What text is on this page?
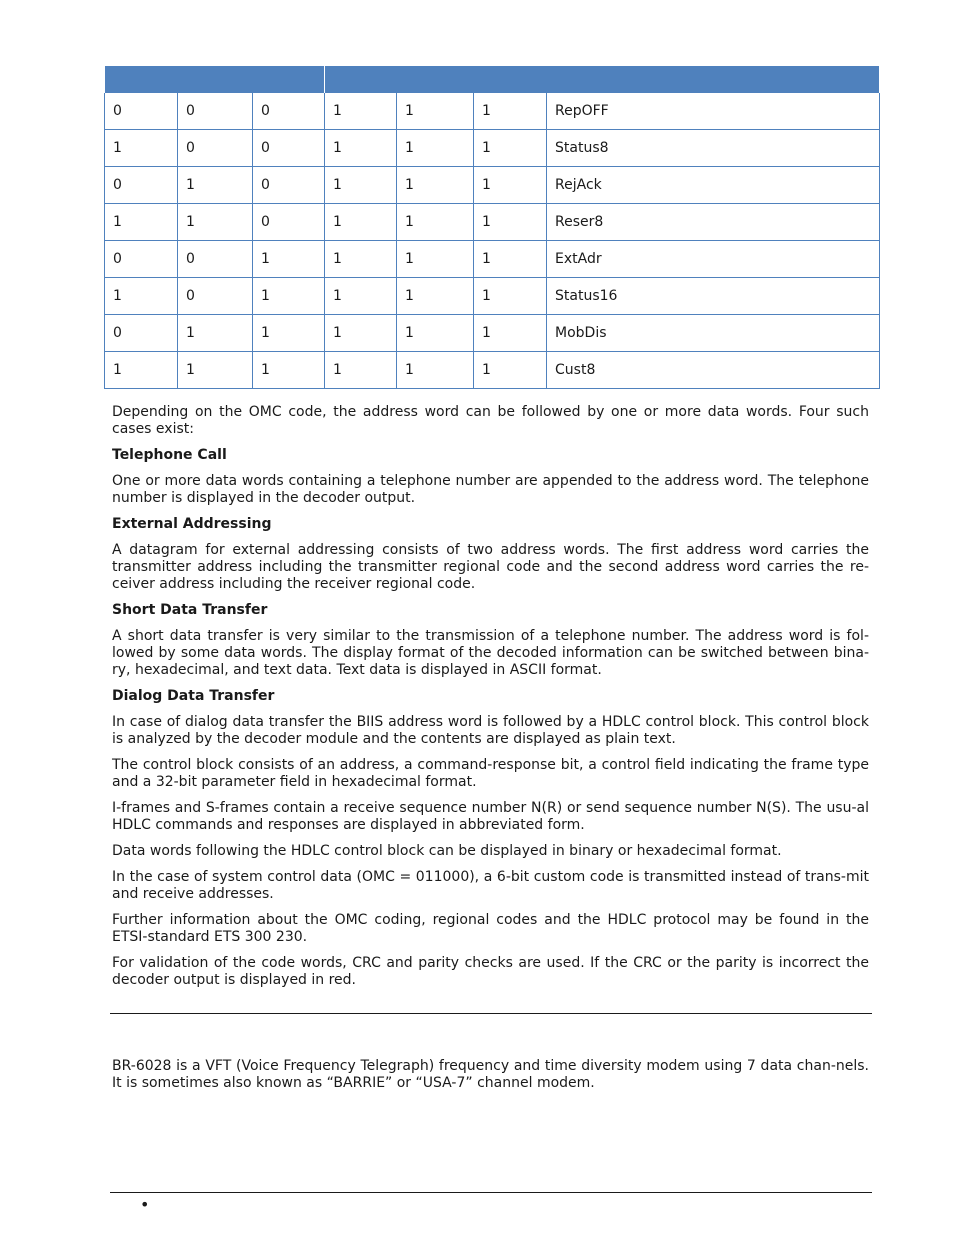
0	0	0	1	1	1	RepOFF
1	0	0	1	1	1	Status8
0	1	0	1	1	1	RejAck
1	1	0	1	1	1	Reser8
0	0	1	1	1	1	ExtAdr
1	0	1	1	1	1	Status16
0	1	1	1	1	1	MobDis
1	1	1	1	1	1	Cust8

Depending on the OMC code, the address word can be followed by one or more data words. Four such cases exist:

Telephone Call

One or more data words containing a telephone number are appended to the address word. The telephone number is displayed in the decoder output.

External Addressing

A datagram for external addressing consists of two address words. The first address word carries the transmitter address including the transmitter regional code and the second address word carries the re-ceiver address including the receiver regional code.

Short Data Transfer

A short data transfer is very similar to the transmission of a telephone number. The address word is fol-lowed by some data words. The display format of the decoded information can be switched between bina-ry, hexadecimal, and text data. Text data is displayed in ASCII format.

Dialog Data Transfer

In case of dialog data transfer the BIIS address word is followed by a HDLC control block. This control block is analyzed by the decoder module and the contents are displayed as plain text.

The control block consists of an address, a command-response bit, a control field indicating the frame type and a 32-bit parameter field in hexadecimal format.

I-frames and S-frames contain a receive sequence number N(R) or send sequence number N(S). The usu-al HDLC commands and responses are displayed in abbreviated form.

Data words following the HDLC control block can be displayed in binary or hexadecimal format.

In the case of system control data (OMC = 011000), a 6-bit custom code is transmitted instead of trans-mit and receive addresses.

Further information about the OMC coding, regional codes and the HDLC protocol may be found in the ETSI-standard ETS 300 230.

For validation of the code words, CRC and parity checks are used. If the CRC or the parity is incorrect the decoder output is displayed in red.

BR-6028 is a VFT (Voice Frequency Telegraph) frequency and time diversity modem using 7 data chan-nels. It is sometimes also known as “BARRIE” or “USA-7” channel modem.

•
